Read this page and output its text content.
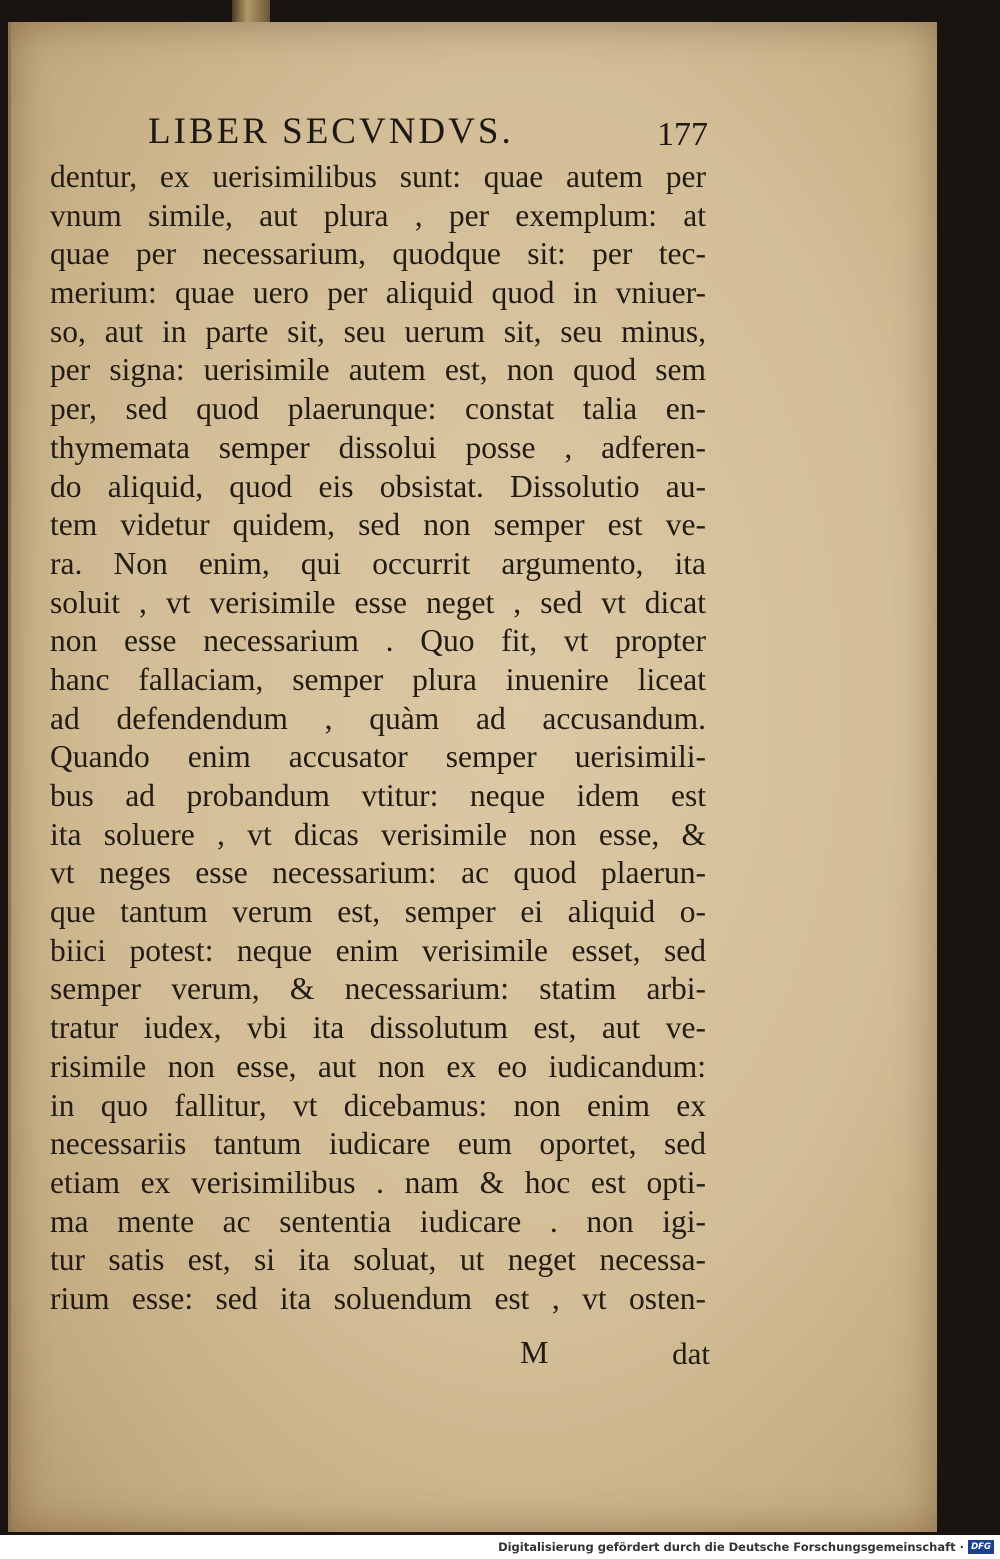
LIBER SECVNDVS.	177
dentur, ex uerisimilibus sunt: quae autem per
vnum simile, aut plura , per exemplum: at
quae per necessarium, quodque sit: per tec-
merium: quae uero per aliquid quod in vniuer-
so, aut in parte sit, seu uerum sit, seu minus,
per signa: uerisimile autem est, non quod sem
per, sed quod plaerunque: constat talia en-
thymemata semper dissolui posse , adferen-
do aliquid, quod eis obsistat. Dissolutio au-
tem videtur quidem, sed non semper est ve-
ra. Non enim, qui occurrit argumento, ita
soluit , vt verisimile esse neget , sed vt dicat
non esse necessarium . Quo fit, vt propter
hanc fallaciam, semper plura inuenire liceat
ad defendendum , quàm ad accusandum.
Quando enim accusator semper uerisimili-
bus ad probandum vtitur: neque idem est
ita soluere , vt dicas verisimile non esse, &
vt neges esse necessarium: ac quod plaerun-
que tantum verum est, semper ei aliquid o-
biici potest: neque enim verisimile esset, sed
semper verum, & necessarium: statim arbi-
tratur iudex, vbi ita dissolutum est, aut ve-
risimile non esse, aut non ex eo iudicandum:
in quo fallitur, vt dicebamus: non enim ex
necessariis tantum iudicare eum oportet, sed
etiam ex verisimilibus . nam & hoc est opti-
ma mente ac sententia iudicare . non igi-
tur satis est, si ita soluat, ut neget necessa-
rium esse: sed ita soluendum est , vt osten-
M	dat
Digitalisierung gefördert durch die Deutsche Forschungsgemeinschaft · DFG
